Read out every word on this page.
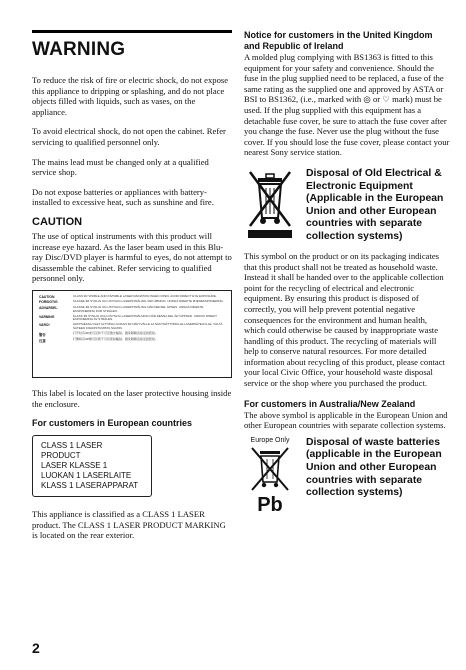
WARNING

To reduce the risk of fire or electric shock, do not expose this appliance to dripping or splashing, and do not place objects filled with liquids, such as vases, on the appliance.

To avoid electrical shock, do not open the cabinet. Refer servicing to qualified personnel only.

The mains lead must be changed only at a qualified service shop.

Do not expose batteries or appliances with battery-installed to excessive heat, such as sunshine and fire.

CAUTION

The use of optical instruments with this product will increase eye hazard. As the laser beam used in this Blu-ray Disc/DVD player is harmful to eyes, do not attempt to disassemble the cabinet. Refer servicing to qualified personnel only.

CAUTION	CLASS 3R VISIBLE AND INVISIBLE LASER RADIATION WHEN OPEN. AVOID DIRECT EYE EXPOSURE.
FORSIGTIG	KLASSE 3R SYNLIG OG USYNLIG LASERSTRÅLING VED ÅBNING. UNDGÅ DIREKTE ØJENEKSPONERING.
ADVARSEL	KLASSE 3R SYNLIG OG USYNLIG LASERSTRÅLING NÅR DEKSEL ÅPNES. UNNGÅ DIREKTE EKSPONERING FOR STRÅLEN.
VARNING	KLASS 3R SYNLIG OCH OSYNLIG LASERSTRÅLNING NÄR DENNA DEL ÄR ÖPPNAD. UNDVIK DIREKT EXPONERING AV STRÅLEN.
VARO!	AVATTAESSA OLET ALTTIINA LUOKAN 3R NÄKYVÄLLE JA NÄKYMÄTTÖMÄLLE LASERSÄTEILYLLE. VÄLTÄ SÄTEEN KOHDISTUMISTA SILMIIN.
警告	打开时有3R类可见和不可见激光辐射。避免眼睛直接受到照射。
注意	打開時有3R類可見與不可見雷射輻射。避免眼睛直接受到照射。

This label is located on the laser protective housing inside the enclosure.

For customers in European countries
CLASS 1 LASER PRODUCT
LASER KLASSE 1
LUOKAN 1 LASERLAITE
KLASS 1 LASERAPPARAT

This appliance is classified as a CLASS 1 LASER product. The CLASS 1 LASER PRODUCT MARKING is located on the rear exterior.

Notice for customers in the United Kingdom and Republic of Ireland

A molded plug complying with BS1363 is fitted to this equipment for your safety and convenience. Should the fuse in the plug supplied need to be replaced, a fuse of the same rating as the supplied one and approved by ASTA or BSI to BS1362, (i.e., marked with ◎ or ♡ mark) must be used. If the plug supplied with this equipment has a detachable fuse cover, be sure to attach the fuse cover after you change the fuse. Never use the plug without the fuse cover. If you should lose the fuse cover, please contact your nearest Sony service station.

Disposal of Old Electrical & Electronic Equipment (Applicable in the European Union and other European countries with separate collection systems)

This symbol on the product or on its packaging indicates that this product shall not be treated as household waste. Instead it shall be handed over to the applicable collection point for the recycling of electrical and electronic equipment. By ensuring this product is disposed of correctly, you will help prevent potential negative consequences for the environment and human health, which could otherwise be caused by inappropriate waste handling of this product. The recycling of materials will help to conserve natural resources. For more detailed information about recycling of this product, please contact your local Civic Office, your household waste disposal service or the shop where you purchased the product.

For customers in Australia/New Zealand

The above symbol is applicable in the European Union and other European countries with separate collection systems.

Europe Only
Pb
Disposal of waste batteries (applicable in the European Union and other European countries with separate collection systems)
2
